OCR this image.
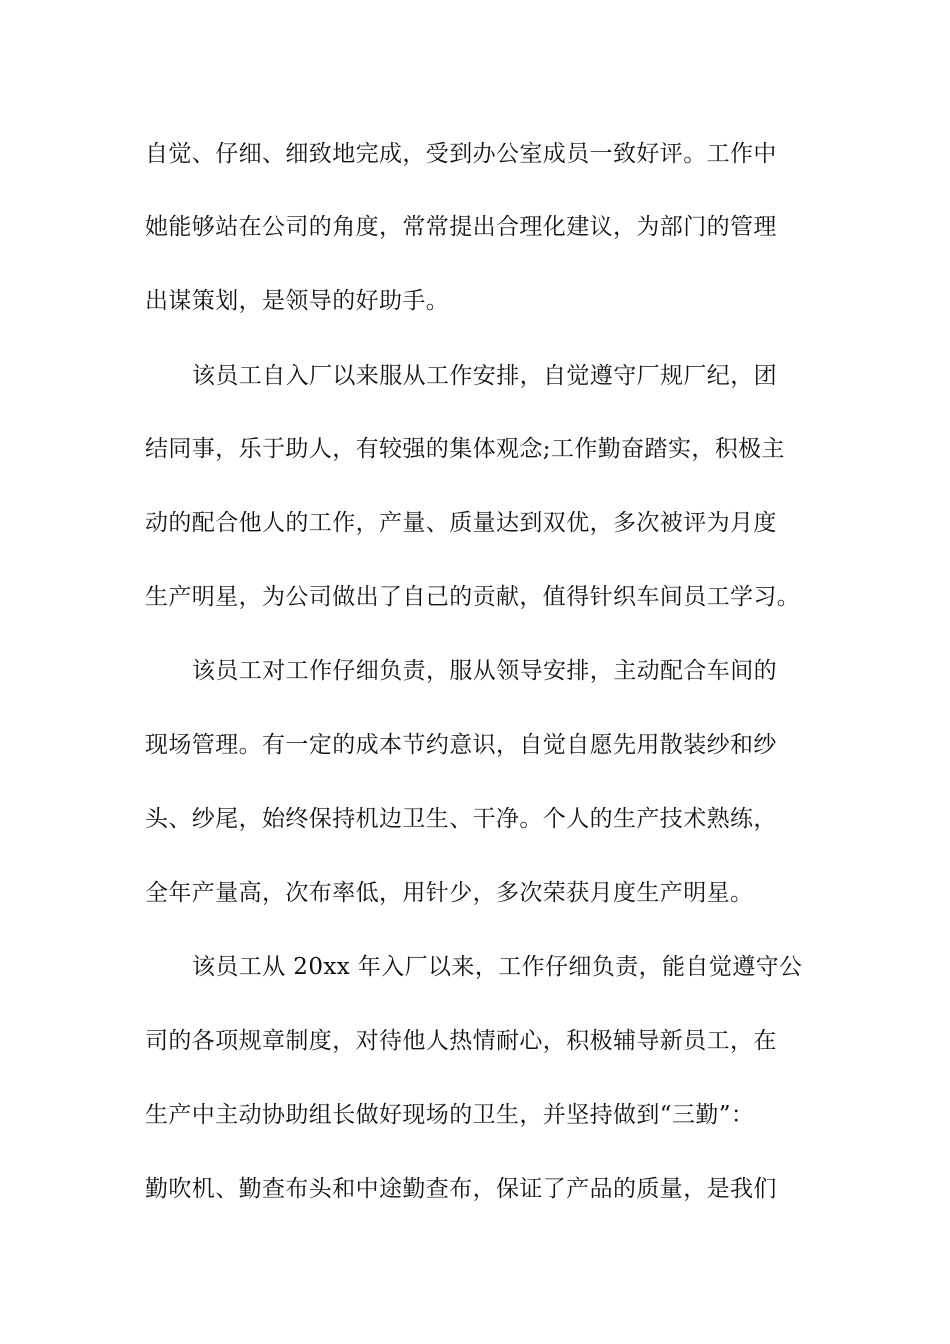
自觉、仔细、细致地完成，受到办公室成员一致好评。工作中
她能够站在公司的角度，常常提出合理化建议，为部门的管理
出谋策划，是领导的好助手。
该员工自入厂以来服从工作安排，自觉遵守厂规厂纪，团
结同事，乐于助人，有较强的集体观念;工作勤奋踏实，积极主
动的配合他人的工作，产量、质量达到双优，多次被评为月度
生产明星，为公司做出了自己的贡献，值得针织车间员工学习。
该员工对工作仔细负责，服从领导安排，主动配合车间的
现场管理。有一定的成本节约意识，自觉自愿先用散装纱和纱
头、纱尾，始终保持机边卫生、干净。个人的生产技术熟练，
全年产量高，次布率低，用针少，多次荣获月度生产明星。
该员工从 20xx 年入厂以来，工作仔细负责，能自觉遵守公
司的各项规章制度，对待他人热情耐心，积极辅导新员工，在
生产中主动协助组长做好现场的卫生，并坚持做到“三勤”：
勤吹机、勤查布头和中途勤查布，保证了产品的质量，是我们
